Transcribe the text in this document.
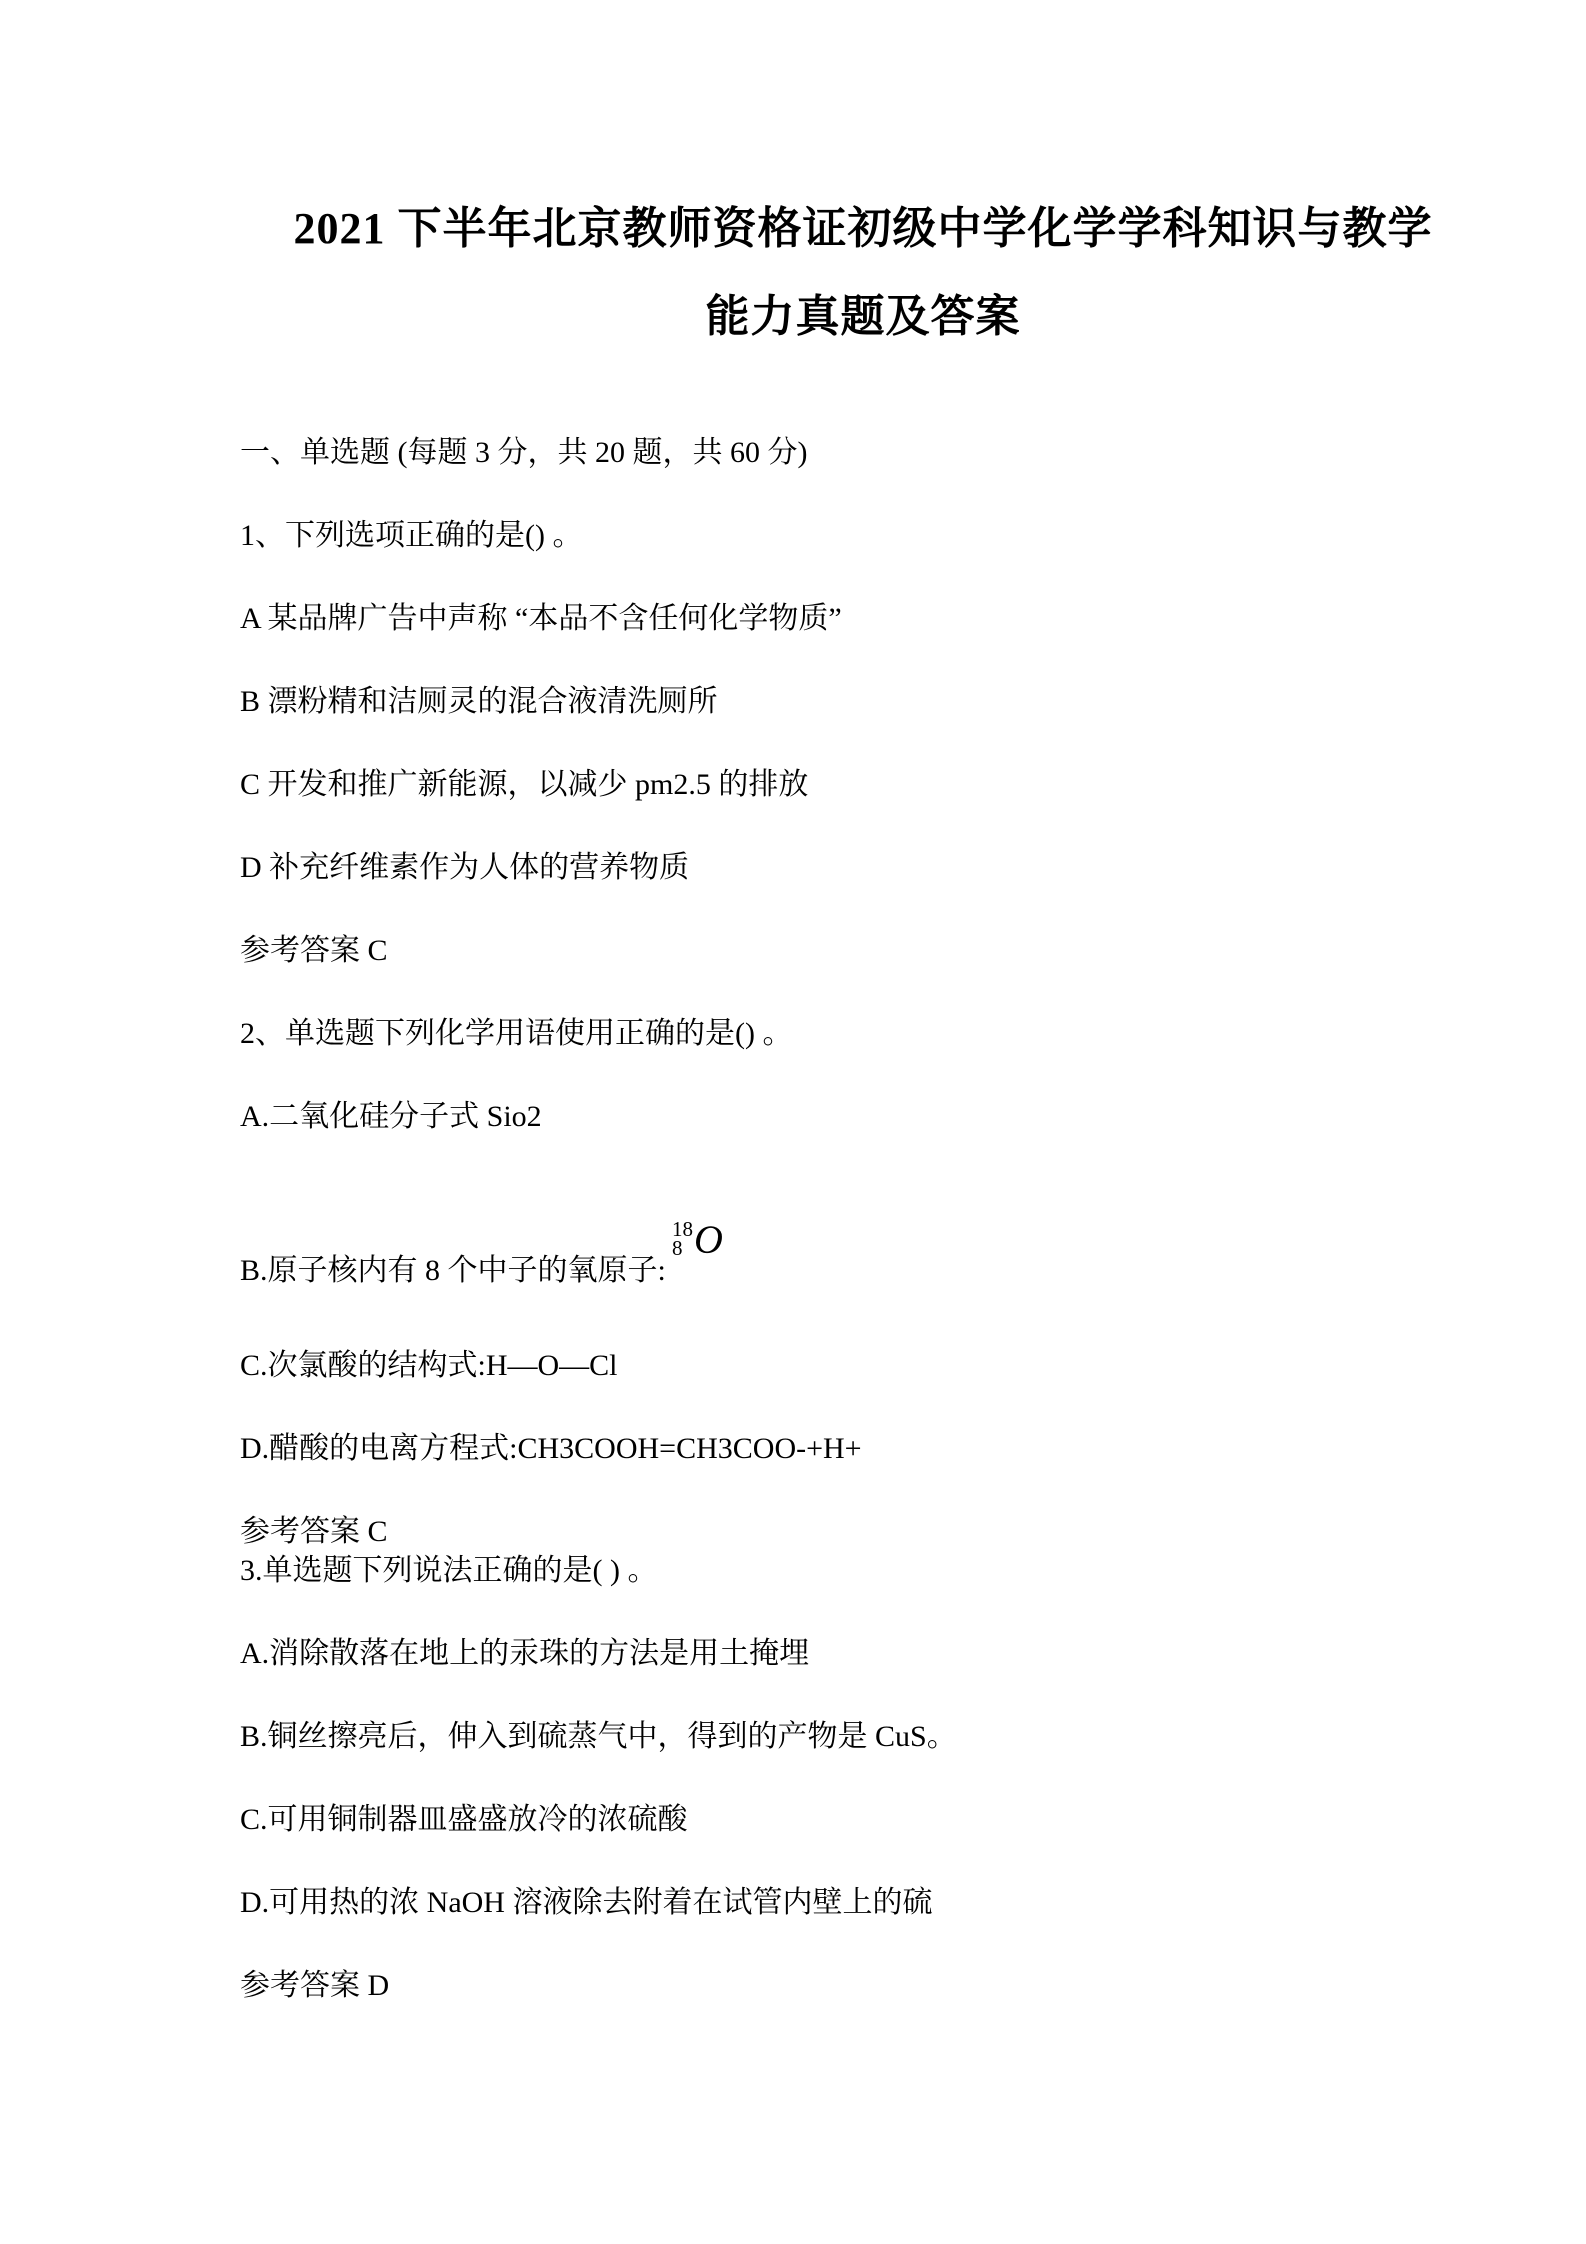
2021 下半年北京教师资格证初级中学化学学科知识与教学
能力真题及答案

一、单选题 (每题 3 分，共 20 题，共 60 分)

1、下列选项正确的是() 。

A 某品牌广告中声称 “本品不含任何化学物质”

B 漂粉精和洁厕灵的混合液清洗厕所

C 开发和推广新能源，以减少 pm2.5 的排放

D 补充纤维素作为人体的营养物质

参考答案 C

2、单选题下列化学用语使用正确的是() 。

A.二氧化硅分子式 Sio2

B.原子核内有 8 个中子的氧原子:
18
8 O

C.次氯酸的结构式:H—O—Cl

D.醋酸的电离方程式:CH3COOH=CH3COO-+H+

参考答案 C

3.单选题下列说法正确的是( ) 。

A.消除散落在地上的汞珠的方法是用土掩埋

B.铜丝擦亮后，伸入到硫蒸气中，得到的产物是 CuS。

C.可用铜制器皿盛盛放冷的浓硫酸

D.可用热的浓 NaOH 溶液除去附着在试管内壁上的硫

参考答案 D
